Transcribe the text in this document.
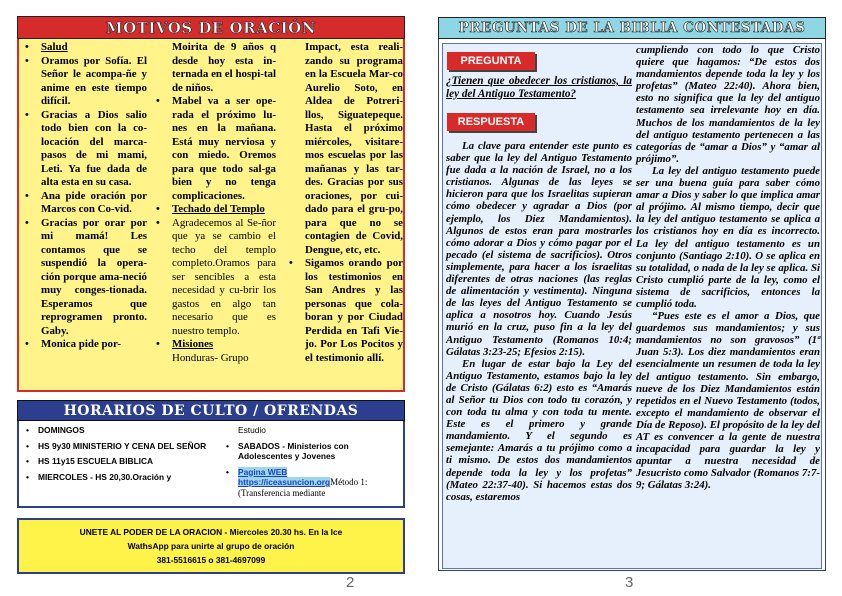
MOTIVOS DE ORACIÓN
• Salud
• Oramos por Sofía. El Señor le acompa-ñe y anime en este tiempo difícil.
• Gracias a Dios salio todo bien con la co-locación del marca-pasos de mi mami, Leti. Ya fue dada de alta esta en su casa.
• Ana pide oración por Marcos con Co-vid.
• Gracias por orar por mi mamá! Les contamos que se suspendió la opera-ción porque ama-neció muy conges-tionada. Esperamos que reprogramen pronto. Gaby.
• Monica pide por-
Moirita de 9 años q desde hoy esta in-ternada en el hospi-tal de niños.
• Mabel va a ser ope-rada el próximo lu-nes en la mañana. Está muy nerviosa y con miedo. Oremos para que todo sal-ga bien y no tenga complicaciones.
• Techado del Templo
• Agradecemos al Se-ñor que ya se cambio el techo del templo completo.Oramos para ser sencibles a esta necesidad y cu-brir los gastos en algo tan necesario que es nuestro templo.
• Misiones
Honduras- Grupo
Impact, esta reali-zando su programa en la Escuela Mar-co Aurelio Soto, en Aldea de Potreri-llos, Siguatepeque. Hasta el próximo miércoles, visitare-mos escuelas por las mañanas y las tar-des. Gracias por sus oraciones, por cui-dado para el gru-po, para que no se contagien de Covid, Dengue, etc, etc.
• Sigamos orando por los testimonios en San Andres y las personas que cola-boran y por Ciudad Perdida en Tafi Vie-jo. Por Los Pocitos y el testimonio allí.
HORARIOS DE CULTO / OFRENDAS
• DOMINGOS
• HS 9y30 MINISTERIO Y CENA DEL SEÑOR
• HS 11y15 ESCUELA BIBLICA
• MIERCOLES - HS 20,30.Oración y
Estudio
• SABADOS - Ministerios con Adolescentes y Jovenes
• Pagina WEB https://iceasuncion.orgMétodo 1: (Transferencia mediante
UNETE AL PODER DE LA ORACION - Miercoles 20.30 hs. En la Ice
WathsApp para unirte al grupo de oración
381-5516615 o 381-4697099
2
PREGUNTAS DE LA BIBLIA CONTESTADAS
PREGUNTA
¿Tienen que obedecer los cristianos, la ley del Antiguo Testamento?
RESPUESTA

La clave para entender este punto es saber que la ley del Antiguo Testamento fue dada a la nación de Israel, no a los cristianos. Algunas de las leyes se hicieron para que los Israelitas supieran cómo obedecer y agradar a Dios (por ejemplo, los Diez Mandamientos). Algunos de estos eran para mostrarles cómo adorar a Dios y cómo pagar por el pecado (el sistema de sacrificios). Otros simplemente, para hacer a los israelitas diferentes de otras naciones (las reglas de alimentación y vestimenta). Ninguna de las leyes del Antiguo Testamento se aplica a nosotros hoy. Cuando Jesús murió en la cruz, puso fin a la ley del Antiguo Testamento (Romanos 10:4; Gálatas 3:23-25; Efesios 2:15).

En lugar de estar bajo la Ley del Antiguo Testamento, estamos bajo la ley de Cristo (Gálatas 6:2) esto es “Amarás al Señor tu Dios con todo tu corazón, y con toda tu alma y con toda tu mente. Este es el primero y grande mandamiento. Y el segundo es semejante: Amarás a tu prójimo como a ti mismo. De estos dos mandamientos depende toda la ley y los profetas” (Mateo 22:37-40). Si hacemos estas dos cosas, estaremos

cumpliendo con todo lo que Cristo quiere que hagamos: “De estos dos mandamientos depende toda la ley y los profetas” (Mateo 22:40). Ahora bien, esto no significa que la ley del antiguo testamento sea irrelevante hoy en día. Muchos de los mandamientos de la ley del antiguo testamento pertenecen a las categorías de “amar a Dios” y “amar al prójimo”.

La ley del antiguo testamento puede ser una buena guía para saber cómo amar a Dios y saber lo que implica amar al prójimo. Al mismo tiempo, decir que la ley del antiguo testamento se aplica a los cristianos hoy en día es incorrecto. La ley del antiguo testamento es un conjunto (Santiago 2:10). O se aplica en su totalidad, o nada de la ley se aplica. Si Cristo cumplió parte de la ley, como el sistema de sacrificios, entonces la cumplió toda.

“Pues este es el amor a Dios, que guardemos sus mandamientos; y sus mandamientos no son gravosos” (1ª Juan 5:3). Los diez mandamientos eran esencialmente un resumen de toda la ley del antiguo testamento. Sin embargo, nueve de los Diez Mandamientos están repetidos en el Nuevo Testamento (todos, excepto el mandamiento de observar el Día de Reposo). El propósito de la ley del AT es convencer a la gente de nuestra incapacidad para guardar la ley y apuntar a nuestra necesidad de Jesucristo como Salvador (Romanos 7:7-9; Gálatas 3:24).

3
